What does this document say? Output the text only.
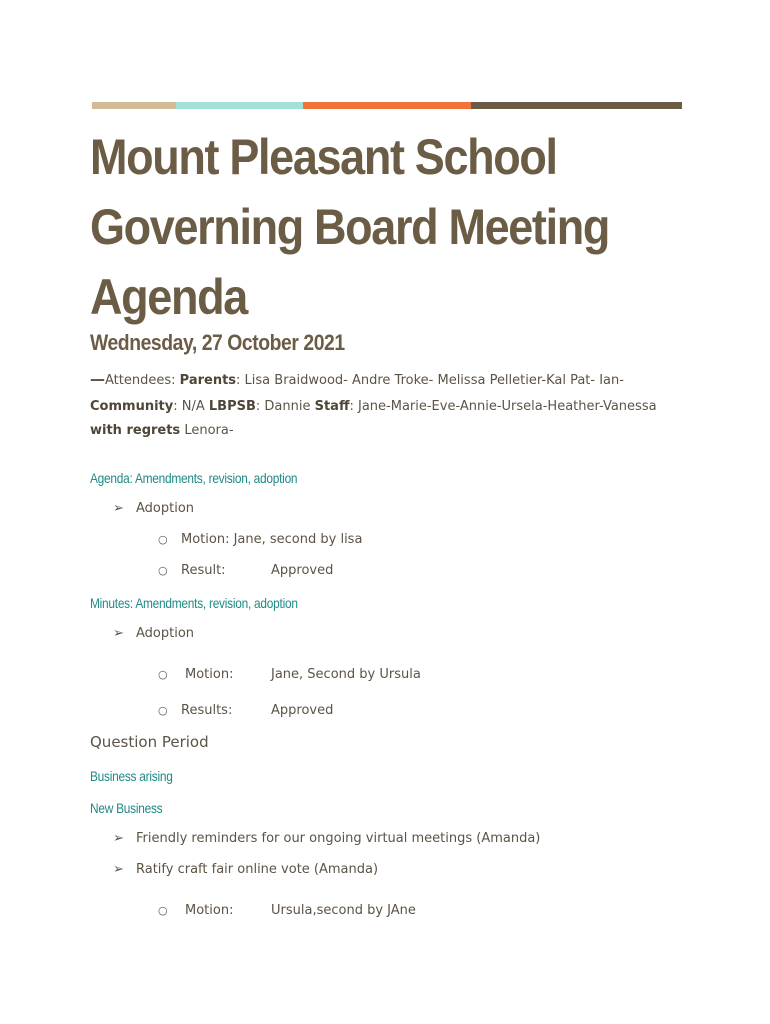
Mount Pleasant School
Governing Board Meeting
Agenda
Wednesday, 27 October 2021
—Attendees: Parents: Lisa Braidwood- Andre Troke- Melissa Pelletier-Kal Pat- Ian-
Community: N/A LBPSB: Dannie Staff: Jane-Marie-Eve-Annie-Ursela-Heather-Vanessa
with regrets Lenora-
Agenda: Amendments, revision, adoption
➢ Adoption
○ Motion: Jane, second by lisa
○ Result:	Approved
Minutes: Amendments, revision, adoption
➢ Adoption
○ Motion:	Jane, Second by Ursula
○ Results:	Approved
Question Period
Business arising
New Business
➢ Friendly reminders for our ongoing virtual meetings (Amanda)
➢ Ratify craft fair online vote (Amanda)
○ Motion:	Ursula,second by JAne
